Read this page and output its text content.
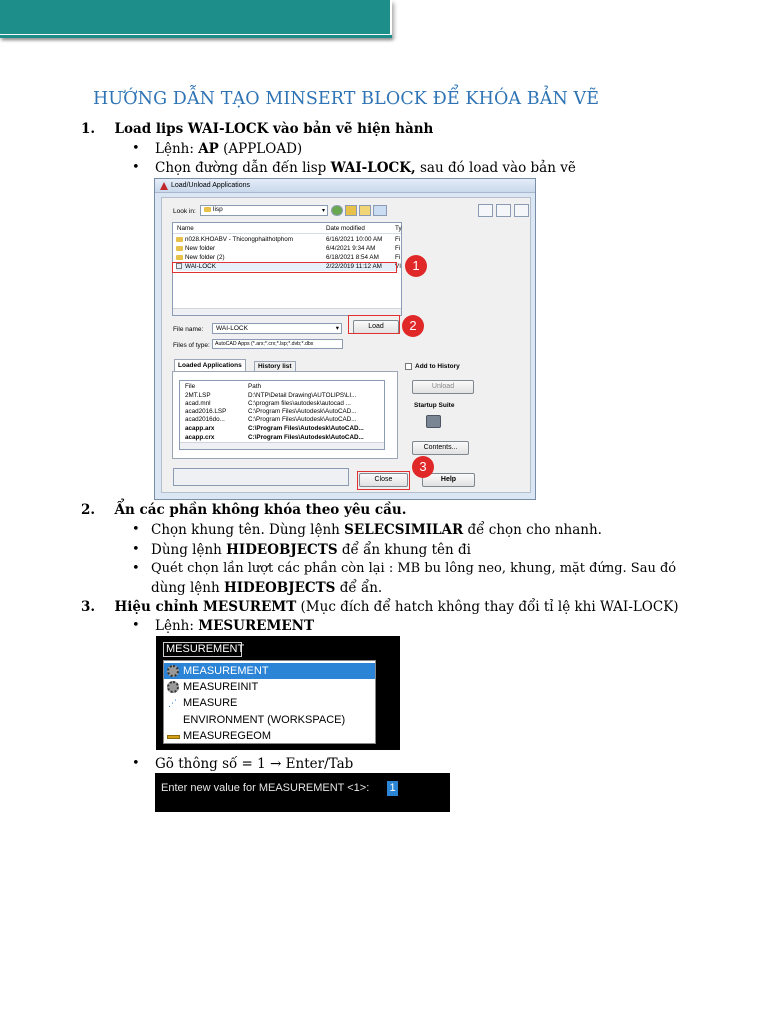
HƯỚNG DẪN TẠO MINSERT BLOCK ĐỂ KHÓA BẢN VẼ
1. Load lips WAI-LOCK vào bản vẽ hiện hành
• Lệnh: AP (APPLOAD)
• Chọn đường dẫn đến lisp WAI-LOCK, sau đó load vào bản vẽ
Load/Unload Applications
Look in:	lisp	▾
Name	Date modified	Ty
n028.KHOABV - Thicongphaithotphom	6/16/2021 10:00 AM Fi
New folder	6/4/2021 9:34 AM	Fi
New folder (2)	6/18/2021 8:54 AM	Fi
WAI-LOCK	2/22/2019 11:12 AM VI
File name:	WAI-LOCK	▾
Files of type: AutoCAD Apps (*.arx;*.crx;*.lsp;*.dvb;*.dbx
Load
Loaded Applications	History list
File	Path
2MT.LSP	D:\NTP\Detail Drawing\AUTOLIPS\LI...
acad.mnl	C:\program files\autodesk\autocad ...
acad2016.LSP	C:\Program Files\Autodesk\AutoCAD...
acad2016do...	C:\Program Files\Autodesk\AutoCAD...
acapp.arx	C:\Program Files\Autodesk\AutoCAD...
acapp.crx	C:\Program Files\Autodesk\AutoCAD...
Add to History
Unload
Startup Suite
Contents...
Close	Help
1
2
3
2. Ẩn các phần không khóa theo yêu cầu.
• Chọn khung tên. Dùng lệnh SELECSIMILAR để chọn cho nhanh.
• Dùng lệnh HIDEOBJECTS để ẩn khung tên đi
• Quét chọn lần lượt các phần còn lại : MB bu lông neo, khung, mặt đứng. Sau đó
dùng lệnh HIDEOBJECTS để ẩn.
3. Hiệu chỉnh MESUREMT (Mục đích để hatch không thay đổi tỉ lệ khi WAI-LOCK)
• Lệnh: MESUREMENT
MESUREMENT
MEASUREMENT
MEASUREINIT
⋰ MEASURE
ENVIRONMENT (WORKSPACE)
MEASUREGEOM
• Gõ thông số = 1 → Enter/Tab
Enter new value for MEASUREMENT <1>: 1
